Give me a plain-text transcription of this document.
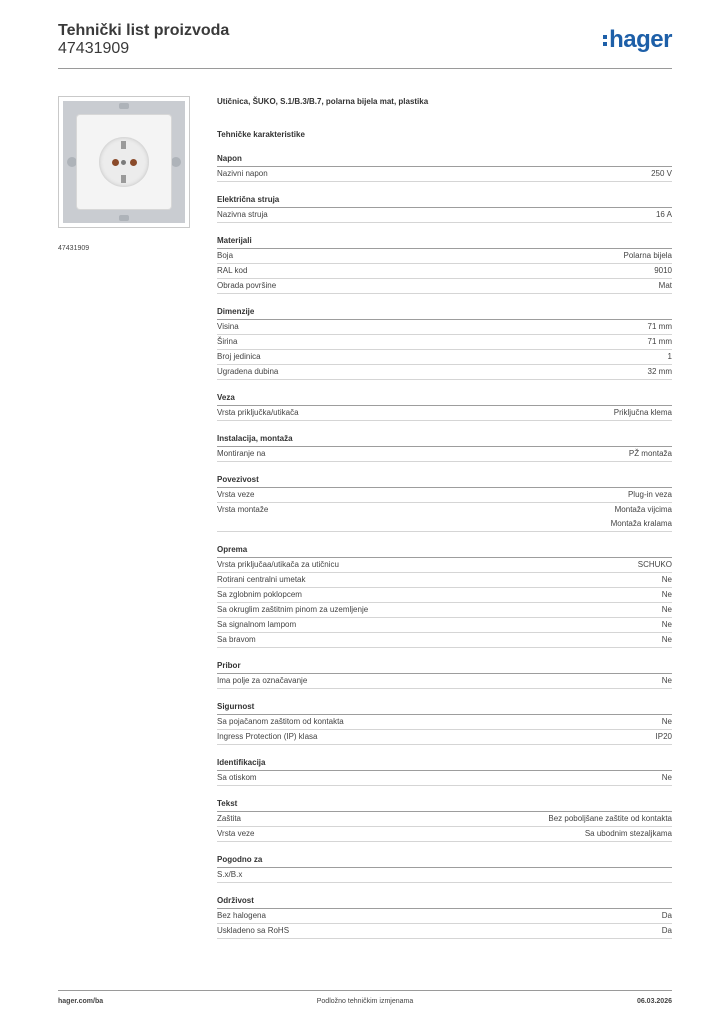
Tehnički list proizvoda
47431909	hager
47431909
Utičnica, ŠUKO, S.1/B.3/B.7, polarna bijela mat, plastika
Tehničke karakteristike
Napon
Nazivni napon	250 V
Električna struja
Nazivna struja	16 A
Materijali
Boja	Polarna bijela
RAL kod	9010
Obrada površine	Mat
Dimenzije
Visina	71 mm
Širina	71 mm
Broj jedinica	1
Ugradena dubina	32 mm
Veza
Vrsta priključka/utikača	Priključna klema
Instalacija, montaža
Montiranje na	PŽ montaža
Povezivost
Vrsta veze	Plug-in veza
Vrsta montaže	Montaža vijcima
Montaža kralama
Oprema
Vrsta priključaa/utikača za utičnicu	SCHUKO
Rotirani centralni umetak	Ne
Sa zglobnim poklopcem	Ne
Sa okruglim zaštitnim pinom za uzemljenje	Ne
Sa signalnom lampom	Ne
Sa bravom	Ne
Pribor
Ima polje za označavanje	Ne
Sigurnost
Sa pojačanom zaštitom od kontakta	Ne
Ingress Protection (IP) klasa	IP20
Identifikacija
Sa otiskom	Ne
Tekst
Zaštita	Bez poboljšane zaštite od kontakta
Vrsta veze	Sa ubodnim stezaljkama
Pogodno za
S.x/B.x
Održivost
Bez halogena	Da
Uskladeno sa RoHS	Da
hager.com/ba	Podložno tehničkim izmjenama	06.03.2026
